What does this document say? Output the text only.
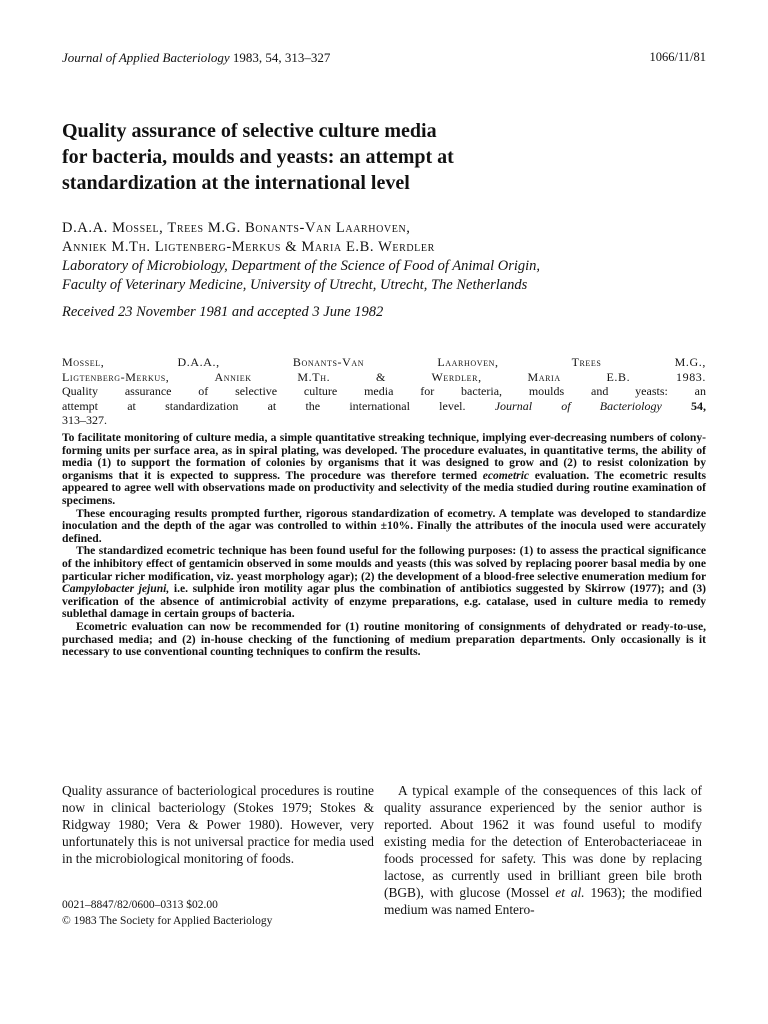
Journal of Applied Bacteriology 1983, 54, 313–327	1066/11/81
Quality assurance of selective culture media
for bacteria, moulds and yeasts: an attempt at
standardization at the international level
D.A.A. Mossel, Trees M.G. Bonants-Van Laarhoven,
Anniek M.Th. Ligtenberg-Merkus & Maria E.B. Werdler
Laboratory of Microbiology, Department of the Science of Food of Animal Origin,
Faculty of Veterinary Medicine, University of Utrecht, Utrecht, The Netherlands
Received 23 November 1981 and accepted 3 June 1982
Mossel, D.A.A., Bonants-Van Laarhoven, Trees M.G.,
Ligtenberg-Merkus, Anniek M.Th. & Werdler, Maria E.B. 1983.
Quality assurance of selective culture media for bacteria, moulds and yeasts: an
attempt at standardization at the international level. Journal of Bacteriology 54,
313–327.

To facilitate monitoring of culture media, a simple quantitative streaking technique, implying ever-decreasing numbers of colony-forming units per surface area, as in spiral plating, was developed. The procedure evaluates, in quantitative terms, the ability of media (1) to support the formation of colonies by organisms that it was designed to grow and (2) to resist colonization by organisms that it is expected to suppress. The procedure was therefore termed ecometric evaluation. The ecometric results appeared to agree well with observations made on productivity and selectivity of the media studied during routine examination of specimens.

These encouraging results prompted further, rigorous standardization of ecometry. A template was developed to standardize inoculation and the depth of the agar was controlled to within ±10%. Finally the attributes of the inocula used were accurately defined.

The standardized ecometric technique has been found useful for the following purposes: (1) to assess the practical significance of the inhibitory effect of gentamicin observed in some moulds and yeasts (this was solved by replacing poorer basal media by one particular richer modification, viz. yeast morphology agar); (2) the development of a blood-free selective enumeration medium for Campylobacter jejuni, i.e. sulphide iron motility agar plus the combination of antibiotics suggested by Skirrow (1977); and (3) verification of the absence of antimicrobial activity of enzyme preparations, e.g. catalase, used in culture media to remedy sublethal damage in certain groups of bacteria.

Ecometric evaluation can now be recommended for (1) routine monitoring of consignments of dehydrated or ready-to-use, purchased media; and (2) in-house checking of the functioning of medium preparation departments. Only occasionally is it necessary to use conventional counting techniques to confirm the results.

Quality assurance of bacteriological procedures is routine now in clinical bacteriology (Stokes 1979; Stokes & Ridgway 1980; Vera & Power 1980). However, very unfortunately this is not universal practice for media used in the microbiological monitoring of foods.

0021–8847/82/0600–0313 $02.00
© 1983 The Society for Applied Bacteriology

A typical example of the consequences of this lack of quality assurance experienced by the senior author is reported. About 1962 it was found useful to modify existing media for the detection of Enterobacteriaceae in foods processed for safety. This was done by replacing lactose, as currently used in brilliant green bile broth (BGB), with glucose (Mossel et al. 1963); the modified medium was named Entero-
